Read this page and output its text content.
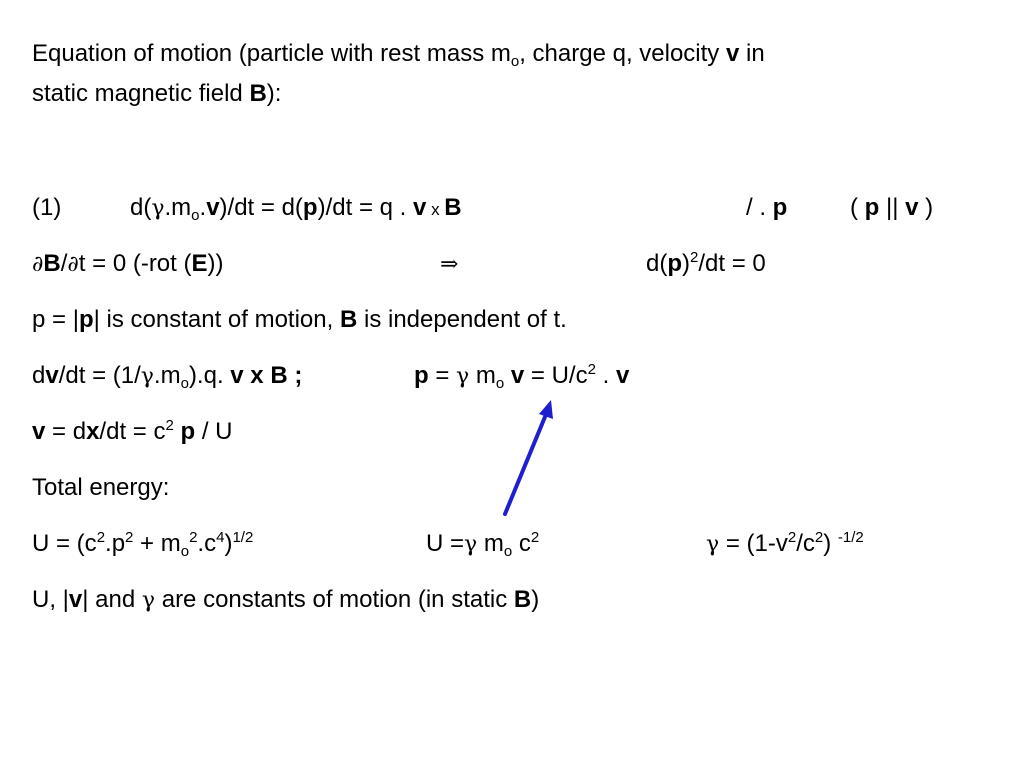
Equation of motion (particle with rest mass $m_o$, charge q, velocity v in
static magnetic field B):
(1)	$d(\gamma.m_o.v)/dt = d(p)/dt = q$ . v x B	/ . p	( p || v )
∂B/∂t = 0 (-rot (E))	⇒	$d(p)^2/dt = 0$
p = |p| is constant of motion, B is independent of t.
$dv/dt = (1/\gamma.m_o).q$. v x B ;	p = γ $m_o$ $v = U/c^2$ . v
$v = dx/dt = c^2$ p / U
Total energy:
$U = (c^2.p^2 + m_o^2.c^4)^{1/2}$	U =γ $m_o$ $c^2$	$\gamma = (1-v^2/c^2)$ $^{-1/2}$
U, |v| and γ are constants of motion (in static B)
